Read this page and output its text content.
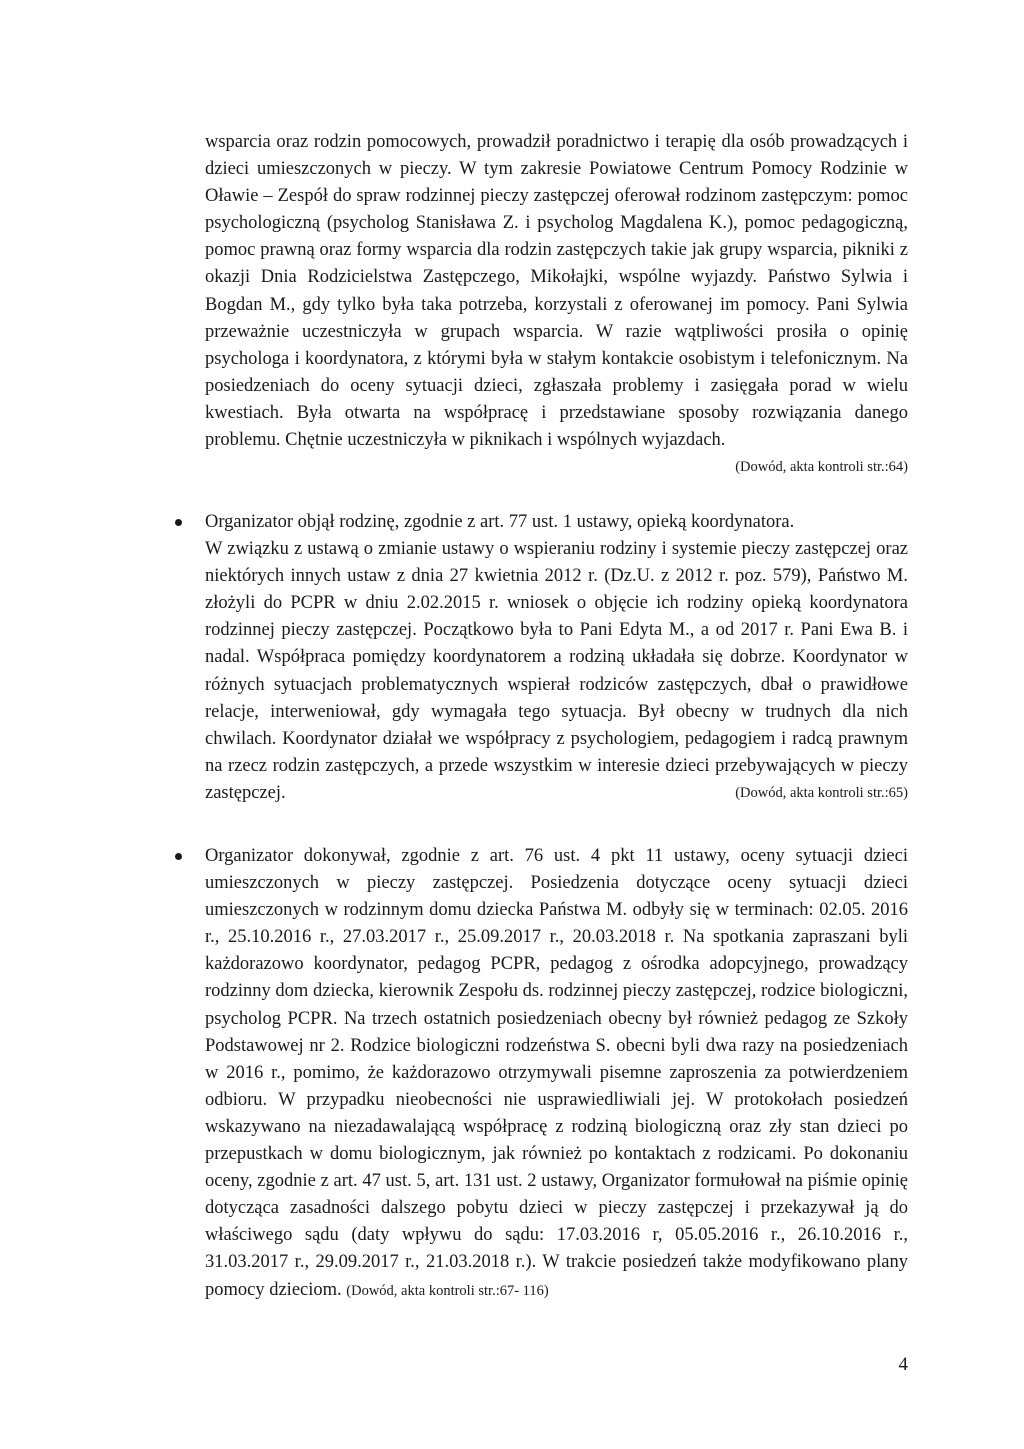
wsparcia oraz rodzin pomocowych, prowadził poradnictwo i terapię dla osób prowadzących i dzieci umieszczonych w pieczy. W tym zakresie Powiatowe Centrum Pomocy Rodzinie w Oławie – Zespół do spraw rodzinnej pieczy zastępczej oferował rodzinom zastępczym: pomoc psychologiczną (psycholog Stanisława Z. i psycholog Magdalena K.), pomoc pedagogiczną, pomoc prawną oraz formy wsparcia dla rodzin zastępczych takie jak grupy wsparcia, pikniki z okazji Dnia Rodzicielstwa Zastępczego, Mikołajki, wspólne wyjazdy. Państwo Sylwia i Bogdan M., gdy tylko była taka potrzeba, korzystali z oferowanej im pomocy. Pani Sylwia przeważnie uczestniczyła w grupach wsparcia. W razie wątpliwości prosiła o opinię psychologa i koordynatora, z którymi była w stałym kontakcie osobistym i telefonicznym. Na posiedzeniach do oceny sytuacji dzieci, zgłaszała problemy i zasięgała porad w wielu kwestiach. Była otwarta na współpracę i przedstawiane sposoby rozwiązania danego problemu. Chętnie uczestniczyła w piknikach i wspólnych wyjazdach.

(Dowód, akta kontroli str.:64)

Organizator objął rodzinę, zgodnie z art. 77 ust. 1 ustawy, opieką koordynatora.

W związku z ustawą o zmianie ustawy o wspieraniu rodziny i systemie pieczy zastępczej oraz niektórych innych ustaw z dnia 27 kwietnia 2012 r. (Dz.U. z 2012 r. poz. 579), Państwo M. złożyli do PCPR w dniu 2.02.2015 r. wniosek o objęcie ich rodziny opieką koordynatora rodzinnej pieczy zastępczej. Początkowo była to Pani Edyta M., a od 2017 r. Pani Ewa B. i nadal. Współpraca pomiędzy koordynatorem a rodziną układała się dobrze. Koordynator w różnych sytuacjach problematycznych wspierał rodziców zastępczych, dbał o prawidłowe relacje, interweniował, gdy wymagała tego sytuacja. Był obecny w trudnych dla nich chwilach. Koordynator działał we współpracy z psychologiem, pedagogiem i radcą prawnym na rzecz rodzin zastępczych, a przede wszystkim w interesie dzieci przebywających w pieczy zastępczej.	(Dowód, akta kontroli str.:65)

Organizator dokonywał, zgodnie z art. 76 ust. 4 pkt 11 ustawy, oceny sytuacji dzieci umieszczonych w pieczy zastępczej. Posiedzenia dotyczące oceny sytuacji dzieci umieszczonych w rodzinnym domu dziecka Państwa M. odbyły się w terminach: 02.05. 2016 r., 25.10.2016 r., 27.03.2017 r., 25.09.2017 r., 20.03.2018 r. Na spotkania zapraszani byli każdorazowo koordynator, pedagog PCPR, pedagog z ośrodka adopcyjnego, prowadzący rodzinny dom dziecka, kierownik Zespołu ds. rodzinnej pieczy zastępczej, rodzice biologiczni, psycholog PCPR. Na trzech ostatnich posiedzeniach obecny był również pedagog ze Szkoły Podstawowej nr 2. Rodzice biologiczni rodzeństwa S. obecni byli dwa razy na posiedzeniach w 2016 r., pomimo, że każdorazowo otrzymywali pisemne zaproszenia za potwierdzeniem odbioru. W przypadku nieobecności nie usprawiedliwiali jej. W protokołach posiedzeń wskazywano na niezadawalającą współpracę z rodziną biologiczną oraz zły stan dzieci po przepustkach w domu biologicznym, jak również po kontaktach z rodzicami. Po dokonaniu oceny, zgodnie z art. 47 ust. 5, art. 131 ust. 2 ustawy, Organizator formułował na piśmie opinię dotycząca zasadności dalszego pobytu dzieci w pieczy zastępczej i przekazywał ją do właściwego sądu (daty wpływu do sądu: 17.03.2016 r, 05.05.2016 r., 26.10.2016 r., 31.03.2017 r., 29.09.2017 r., 21.03.2018 r.). W trakcie posiedzeń także modyfikowano plany pomocy dzieciom. (Dowód, akta kontroli str.:67- 116)

4
